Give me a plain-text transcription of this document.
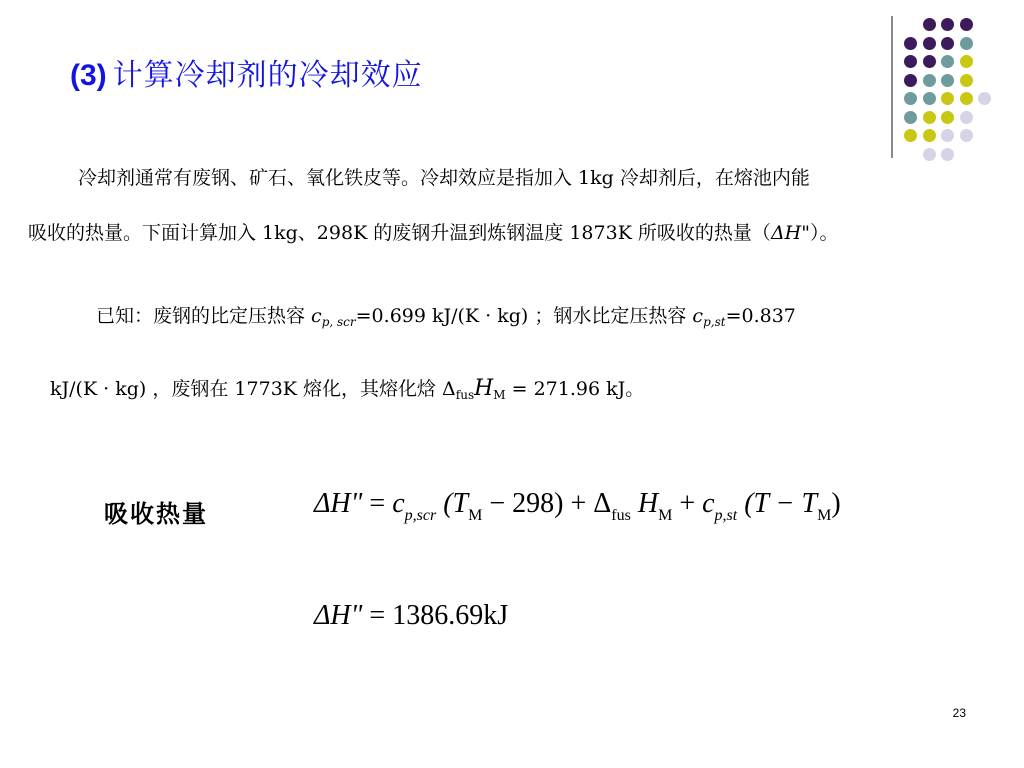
(3) 计算冷却剂的冷却效应
冷却剂通常有废钢、矿石、氧化铁皮等。冷却效应是指加入 1kg 冷却剂后，在熔池内能
吸收的热量。下面计算加入 1kg、298K 的废钢升温到炼钢温度 1873K 所吸收的热量（ΔH"）。
已知：废钢的比定压热容 $c_{p, scr}=0.699$ kJ/(K · kg) ；钢水比定压热容 $c_{p,st}=0.837$
kJ/(K · kg) ，废钢在 1773K 熔化，其熔化焓 $\Delta_{fus}H_M = 271.96$ kJ。
吸收热量	ΔH" = $c_{p,scr}$ $(T_M - 298) + \Delta_{fus}$ $H_M + c_{p,st}$ $(T - T_M)$
ΔH" = 1386.69kJ
23
